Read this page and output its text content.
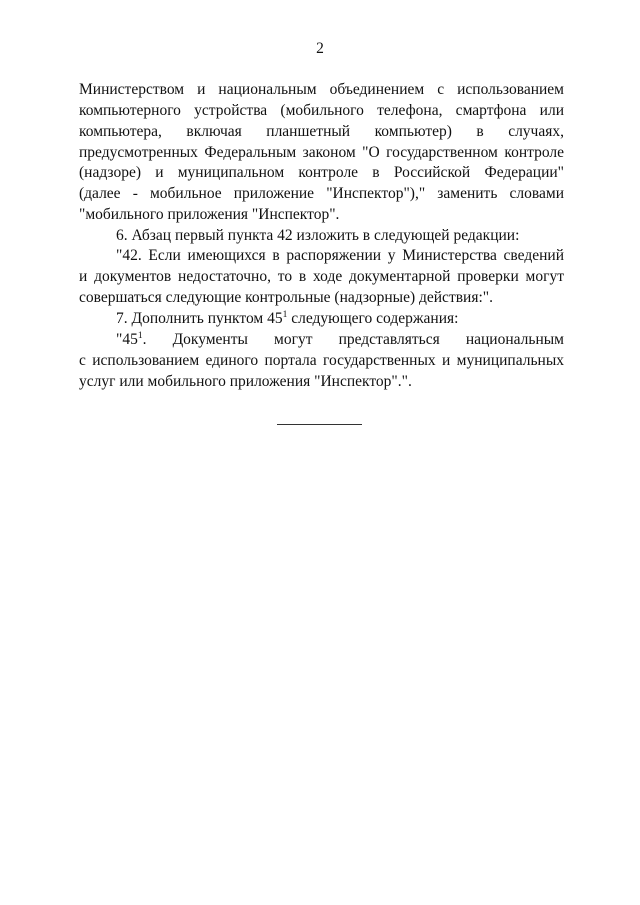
2
Министерством и национальным объединением с использованием
компьютерного устройства (мобильного телефона, смартфона или
компьютера, включая планшетный компьютер) в случаях,
предусмотренных Федеральным законом "О государственном контроле
(надзоре) и муниципальном контроле в Российской Федерации"
(далее - мобильное приложение "Инспектор")," заменить словами
"мобильного приложения "Инспектор".
6. Абзац первый пункта 42 изложить в следующей редакции:
"42. Если имеющихся в распоряжении у Министерства сведений
и документов недостаточно, то в ходе документарной проверки могут
совершаться следующие контрольные (надзорные) действия:".
7. Дополнить пунктом $45^1$ следующего содержания:
"$45^1$. Документы могут представляться национальным
с использованием единого портала государственных и муниципальных
услуг или мобильного приложения "Инспектор".".
